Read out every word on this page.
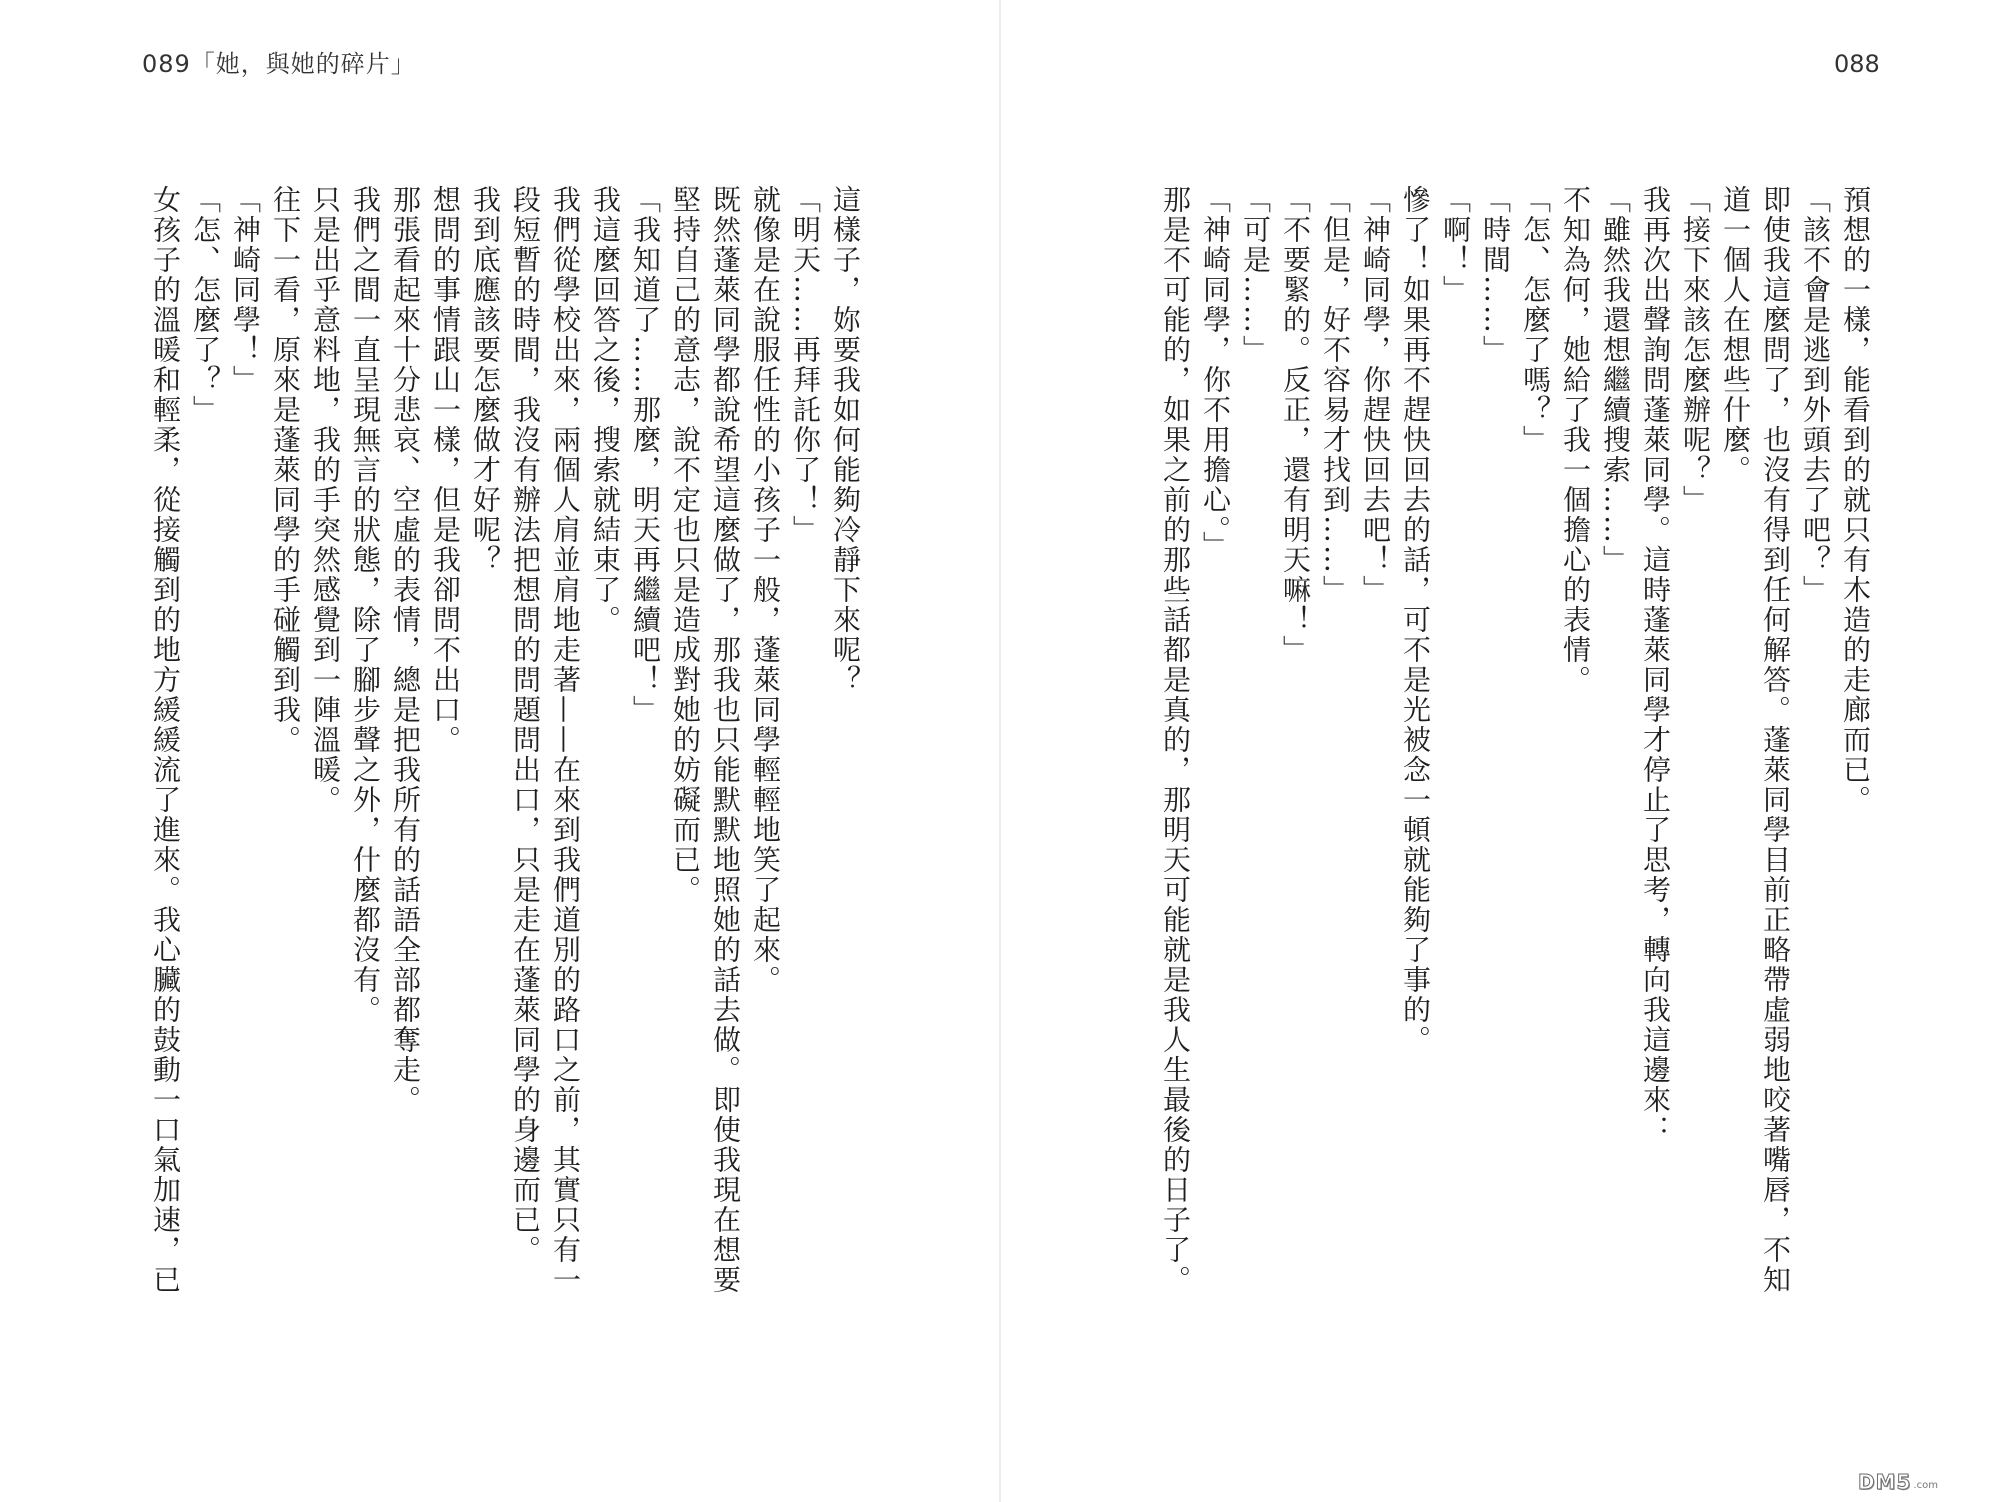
089「她，與她的碎片」	088
預想的一樣，能看到的就只有木造的走廊而已。
「該不會是逃到外頭去了吧？」
即使我這麼問了，也沒有得到任何解答。蓬萊同學目前正略帶虛弱地咬著嘴唇，不知
道一個人在想些什麼。
「接下來該怎麼辦呢？」
我再次出聲詢問蓬萊同學。這時蓬萊同學才停止了思考，轉向我這邊來：
「雖然我還想繼續搜索……」
不知為何，她給了我一個擔心的表情。
「怎、怎麼了嗎？」
「時間……」
「啊！」
慘了！如果再不趕快回去的話，可不是光被念一頓就能夠了事的。
「神崎同學，你趕快回去吧！」
「但是，好不容易才找到……」
「不要緊的。反正，還有明天嘛！」
「可是……」
「神崎同學，你不用擔心。」
那是不可能的，如果之前的那些話都是真的，那明天可能就是我人生最後的日子了。
這樣子，妳要我如何能夠冷靜下來呢？
「明天……再拜託你了！」
就像是在說服任性的小孩子一般，蓬萊同學輕輕地笑了起來。
既然蓬萊同學都說希望這麼做了，那我也只能默默地照她的話去做。即使我現在想要
堅持自己的意志，說不定也只是造成對她的妨礙而已。
「我知道了……那麼，明天再繼續吧！」
我這麼回答之後，搜索就結束了。
我們從學校出來，兩個人肩並肩地走著——在來到我們道別的路口之前，其實只有一
段短暫的時間，我沒有辦法把想問的問題問出口，只是走在蓬萊同學的身邊而已。
我到底應該要怎麼做才好呢？
想問的事情跟山一樣，但是我卻問不出口。
那張看起來十分悲哀、空虛的表情，總是把我所有的話語全部都奪走。
我們之間一直呈現無言的狀態，除了腳步聲之外，什麼都沒有。
只是出乎意料地，我的手突然感覺到一陣溫暖。
往下一看，原來是蓬萊同學的手碰觸到我。
「神崎同學！」
「怎、怎麼了？」
女孩子的溫暖和輕柔，從接觸到的地方緩緩流了進來。我心臟的鼓動一口氣加速，已
DM5 .com
